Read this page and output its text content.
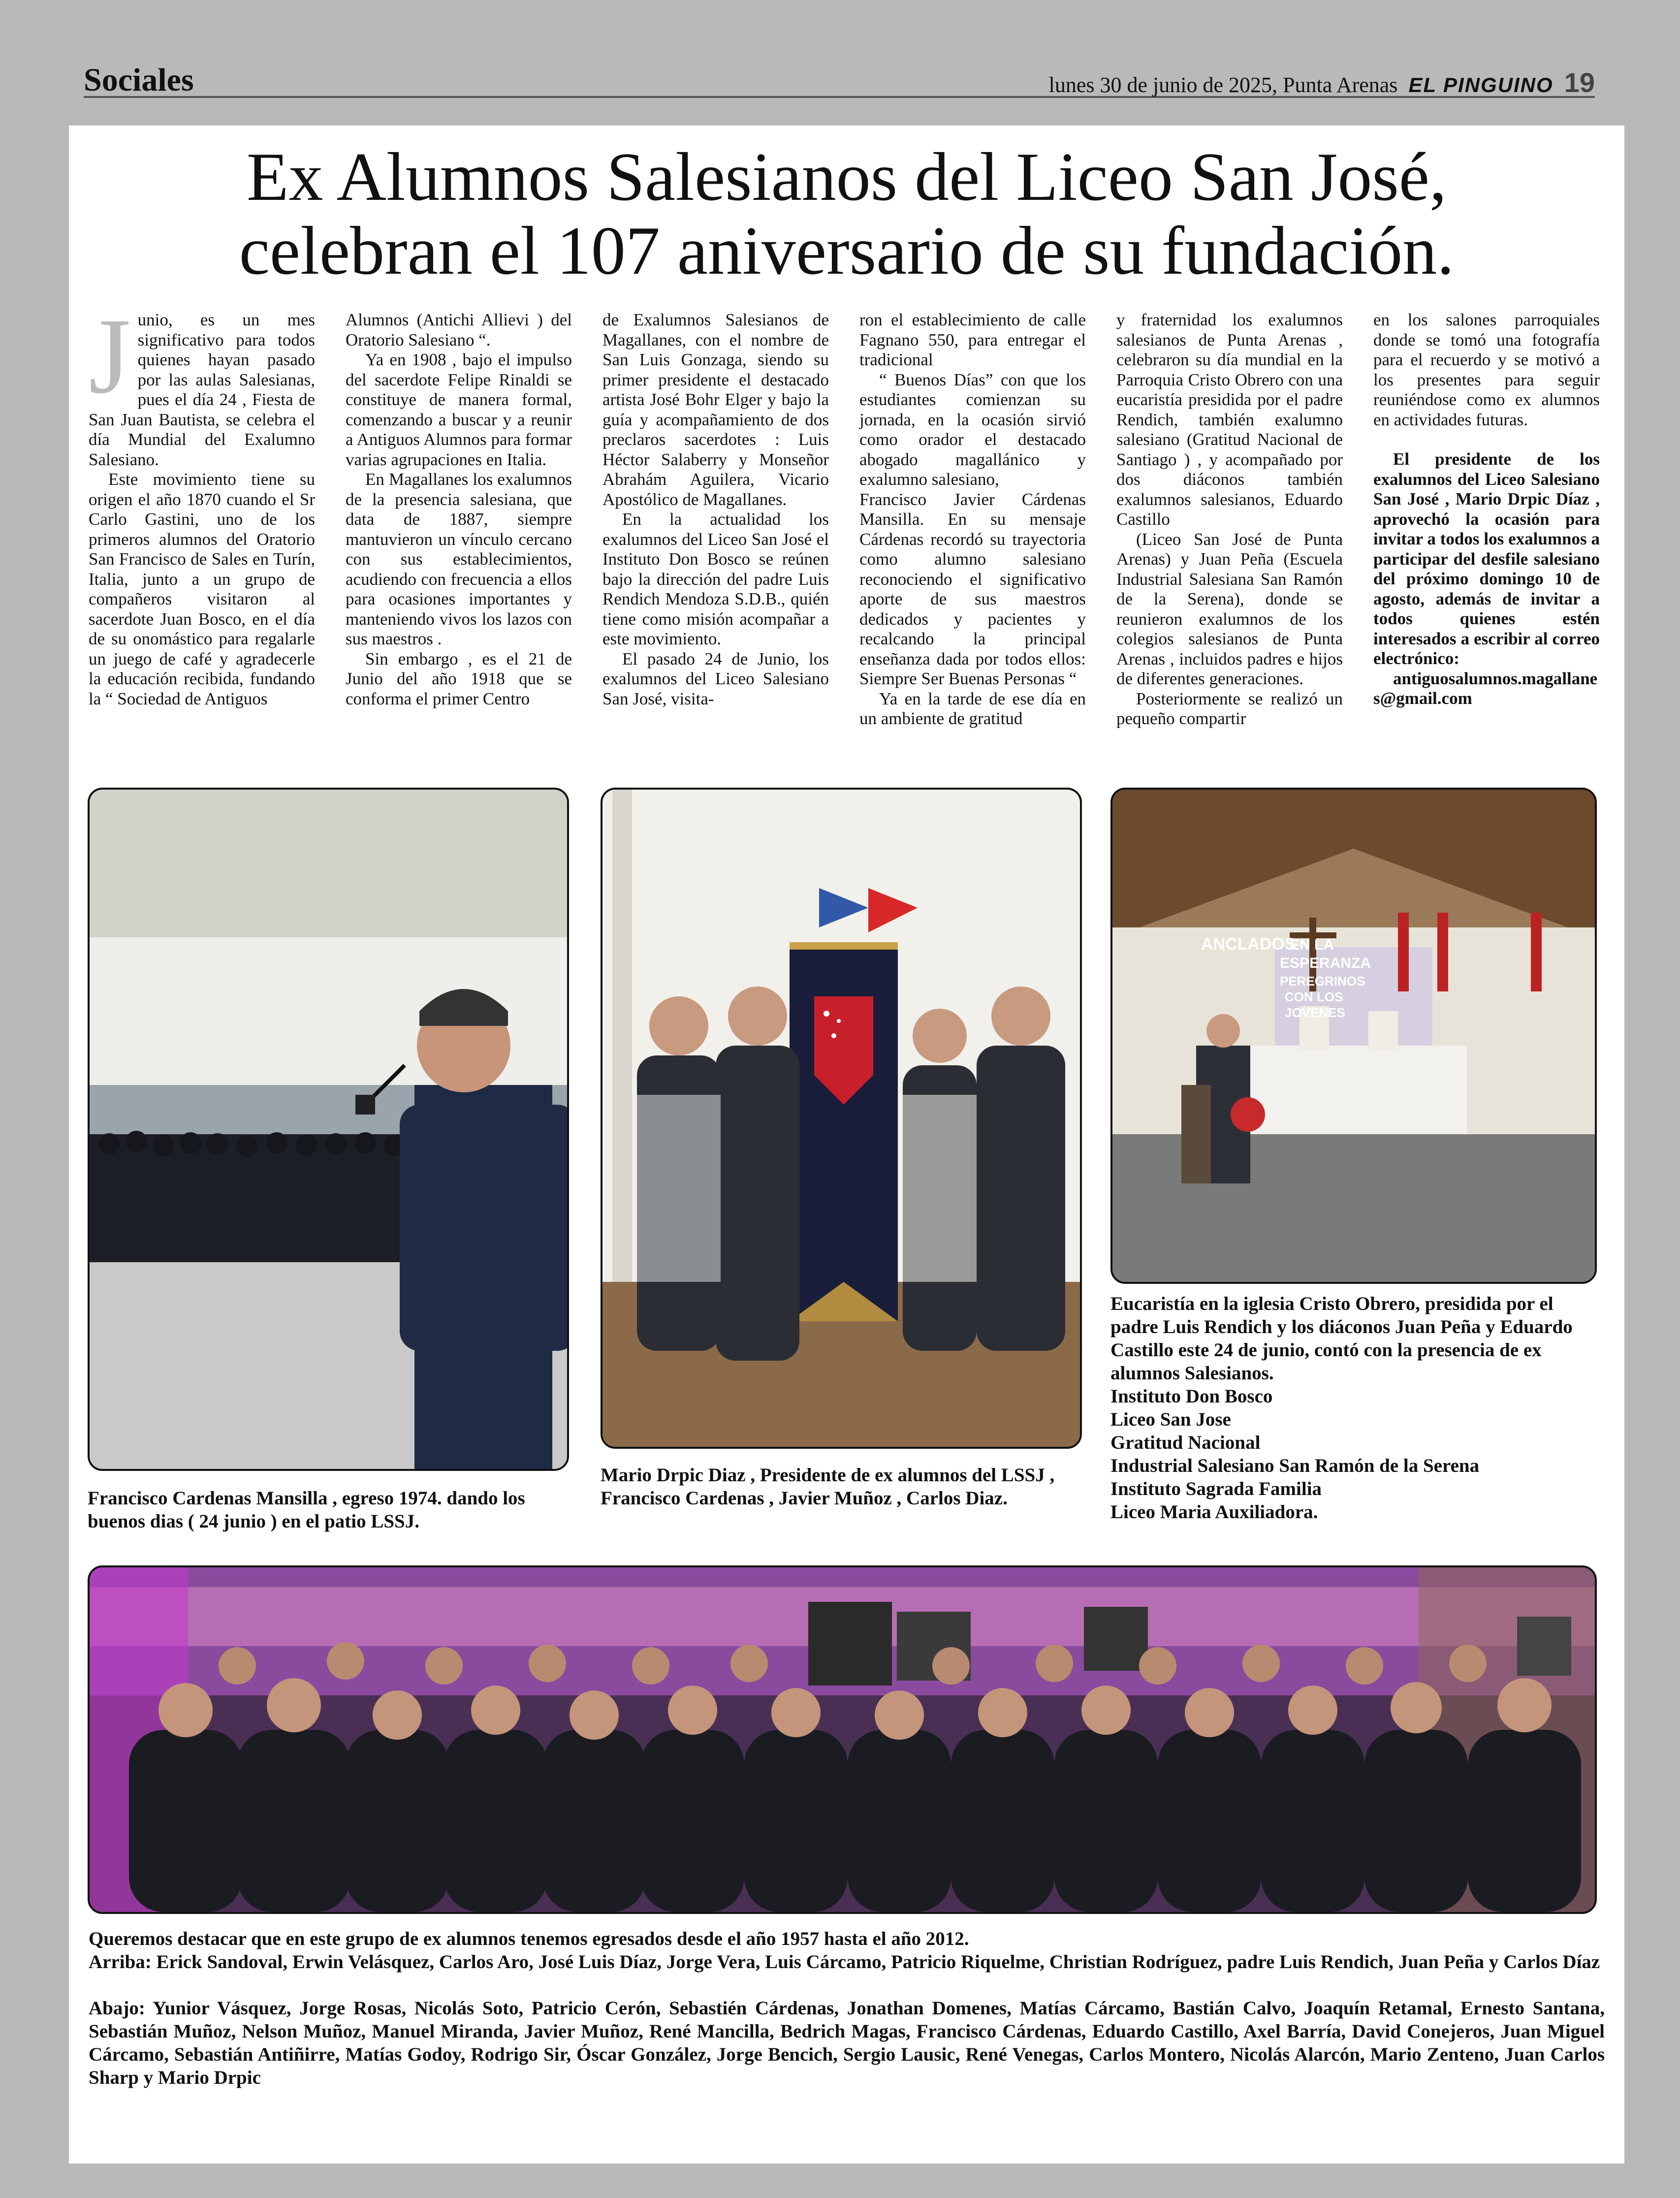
Sociales	lunes 30 de junio de 2025, Punta Arenas EL PINGUINO 19
Ex Alumnos Salesianos del Liceo San José,
celebran el 107 aniversario de su fundación.
J unio, es un mes significativo para todos quienes hayan pasado por las aulas Salesianas, pues el día 24 , Fiesta de San Juan Bautista, se celebra el día Mundial del Exalumno Salesiano.

Este movimiento tiene su origen el año 1870 cuando el Sr Carlo Gastini, uno de los primeros alumnos del Oratorio San Francisco de Sales en Turín, Italia, junto a un grupo de compañeros visitaron al sacerdote Juan Bosco, en el día de su onomástico para regalarle un juego de café y agradecerle la educación recibida, fundando la “ Sociedad de Antiguos

Alumnos (Antichi Allievi ) del Oratorio Salesiano “.

Ya en 1908 , bajo el impulso del sacerdote Felipe Rinaldi se constituye de manera formal, comenzando a buscar y a reunir a Antiguos Alumnos para formar varias agrupaciones en Italia.

En Magallanes los exalumnos de la presencia salesiana, que data de 1887, siempre mantuvieron un vínculo cercano con sus establecimientos, acudiendo con frecuencia a ellos para ocasiones importantes y manteniendo vivos los lazos con sus maestros .

Sin embargo , es el 21 de Junio del año 1918 que se conforma el primer Centro

de Exalumnos Salesianos de Magallanes, con el nombre de San Luis Gonzaga, siendo su primer presidente el destacado artista José Bohr Elger y bajo la guía y acompañamiento de dos preclaros sacerdotes : Luis Héctor Salaberry y Monseñor Abrahám Aguilera, Vicario Apostólico de Magallanes.

En la actualidad los exalumnos del Liceo San José el Instituto Don Bosco se reúnen bajo la dirección del padre Luis Rendich Mendoza S.D.B., quién tiene como misión acompañar a este movimiento.

El pasado 24 de Junio, los exalumnos del Liceo Salesiano San José, visita-

ron el establecimiento de calle Fagnano 550, para entregar el tradicional

“ Buenos Días” con que los estudiantes comienzan su jornada, en la ocasión sirvió como orador el destacado abogado magallánico y exalumno salesiano,

Francisco Javier Cárdenas Mansilla. En su mensaje Cárdenas recordó su trayectoria como alumno salesiano reconociendo el significativo aporte de sus maestros dedicados y pacientes y recalcando la principal enseñanza dada por todos ellos: Siempre Ser Buenas Personas “

Ya en la tarde de ese día en un ambiente de gratitud

y fraternidad los exalumnos salesianos de Punta Arenas , celebraron su día mundial en la Parroquia Cristo Obrero con una eucaristía presidida por el padre Rendich, también exalumno salesiano (Gratitud Nacional de Santiago ) , y acompañado por dos diáconos también exalumnos salesianos, Eduardo Castillo

(Liceo San José de Punta Arenas) y Juan Peña (Escuela Industrial Salesiana San Ramón de la Serena), donde se reunieron exalumnos de los colegios salesianos de Punta Arenas , incluidos padres e hijos de diferentes generaciones.

Posteriormente se realizó un pequeño compartir

en los salones parroquiales donde se tomó una fotografía para el recuerdo y se motivó a los presentes para seguir reuniéndose como ex alumnos en actividades futuras.

El presidente de los exalumnos del Liceo Salesiano San José , Mario Drpic Díaz , aprovechó la ocasión para invitar a todos los exalumnos a participar del desfile salesiano del próximo domingo 10 de agosto, además de invitar a todos quienes estén interesados a escribir al correo electrónico:

antiguosalumnos.magallanes@gmail.com

Francisco Cardenas Mansilla , egreso 1974. dando los buenos dias ( 24 junio ) en el patio LSSJ.
Mario Drpic Diaz , Presidente de ex alumnos del LSSJ , Francisco Cardenas , Javier Muñoz , Carlos Diaz.
ANCLADOS
EN LA
ESPERANZA
PEREGRINOS
CON LOS
JOVENES
Eucaristía en la iglesia Cristo Obrero, presidida por el padre Luis Rendich y los diáconos Juan Peña y Eduardo Castillo este 24 de junio, contó con la presencia de ex alumnos Salesianos.
Instituto Don Bosco
Liceo San Jose
Gratitud Nacional
Industrial Salesiano San Ramón de la Serena
Instituto Sagrada Familia
Liceo Maria Auxiliadora.

Queremos destacar que en este grupo de ex alumnos tenemos egresados desde el año 1957 hasta el año 2012.

Arriba: Erick Sandoval, Erwin Velásquez, Carlos Aro, José Luis Díaz, Jorge Vera, Luis Cárcamo, Patricio Riquelme, Christian Rodríguez, padre Luis Rendich, Juan Peña y Carlos Díaz

Abajo: Yunior Vásquez, Jorge Rosas, Nicolás Soto, Patricio Cerón, Sebastién Cárdenas, Jonathan Domenes, Matías Cárcamo, Bastián Calvo, Joaquín Retamal, Ernesto Santana, Sebastián Muñoz, Nelson Muñoz, Manuel Miranda, Javier Muñoz, René Mancilla, Bedrich Magas, Francisco Cárdenas, Eduardo Castillo, Axel Barría, David Conejeros, Juan Miguel Cárcamo, Sebastián Antiñirre, Matías Godoy, Rodrigo Sir, Óscar González, Jorge Bencich, Sergio Lausic, René Venegas, Carlos Montero, Nicolás Alarcón, Mario Zenteno, Juan Carlos Sharp y Mario Drpic
